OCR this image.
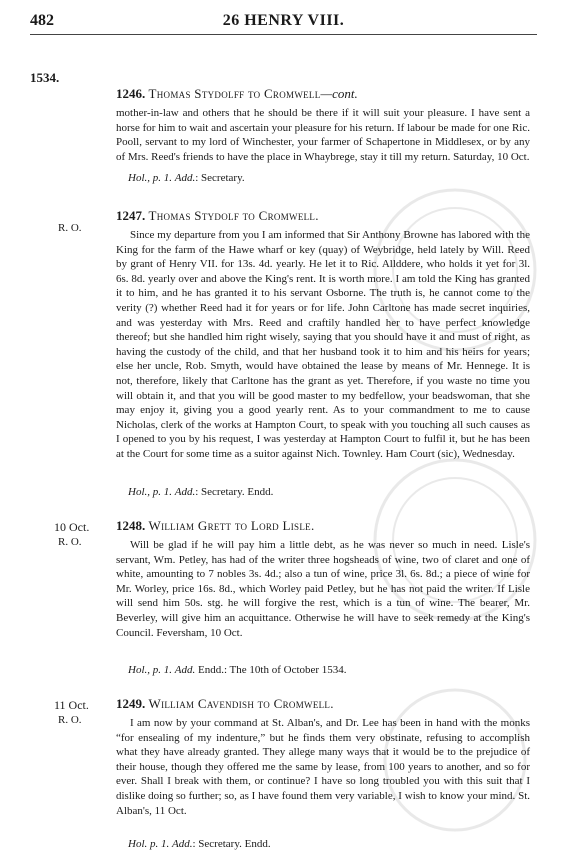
482	26 HENRY VIII.
1534.
1246. Thomas Stydolff to Cromwell—cont.

mother-in-law and others that he should be there if it will suit your pleasure. I have sent a horse for him to wait and ascertain your pleasure for his return. If labour be made for one Ric. Pooll, servant to my lord of Winchester, your farmer of Schapertone in Middlesex, or by any of Mrs. Reed's friends to have the place in Whaybrege, stay it till my return. Saturday, 10 Oct.

Hol., p. 1. Add.: Secretary.
R. O.
1247. Thomas Stydolf to Cromwell.

Since my departure from you I am informed that Sir Anthony Browne has labored with the King for the farm of the Hawe wharf or key (quay) of Weybridge, held lately by Will. Reed by grant of Henry VII. for 13s. 4d. yearly. He let it to Ric. Allddere, who holds it yet for 3l. 6s. 8d. yearly over and above the King's rent. It is worth more. I am told the King has granted it to him, and he has granted it to his servant Osborne. The truth is, he cannot come to the verity (?) whether Reed had it for years or for life. John Carltone has made secret inquiries, and was yesterday with Mrs. Reed and craftily handled her to have perfect knowledge thereof; but she handled him right wisely, saying that you should have it and must of right, as having the custody of the child, and that her husband took it to him and his heirs for years; else her uncle, Rob. Smyth, would have obtained the lease by means of Mr. Hennege. It is not, therefore, likely that Carltone has the grant as yet. Therefore, if you waste no time you will obtain it, and that you will be good master to my bedfellow, your beadswoman, that she may enjoy it, giving you a good yearly rent. As to your commandment to me to cause Nicholas, clerk of the works at Hampton Court, to speak with you touching all such causes as I opened to you by his request, I was yesterday at Hampton Court to fulfil it, but he has been at the Court for some time as a suitor against Nich. Townley. Ham Court (sic), Wednesday.

Hol., p. 1. Add.: Secretary. Endd.
10 Oct.
R. O.
1248. William Grett to Lord Lisle.

Will be glad if he will pay him a little debt, as he was never so much in need. Lisle's servant, Wm. Petley, has had of the writer three hogsheads of wine, two of claret and one of white, amounting to 7 nobles 3s. 4d.; also a tun of wine, price 3l. 6s. 8d.; a piece of wine for Mr. Worley, price 16s. 8d., which Worley paid Petley, but he has not paid the writer. If Lisle will send him 50s. stg. he will forgive the rest, which is a tun of wine. The bearer, Mr. Beverley, will give him an acquittance. Otherwise he will have to seek remedy at the King's Council. Feversham, 10 Oct.

Hol., p. 1. Add. Endd.: The 10th of October 1534.
11 Oct.
R. O.
1249. William Cavendish to Cromwell.

I am now by your command at St. Alban's, and Dr. Lee has been in hand with the monks “for ensealing of my indenture,” but he finds them very obstinate, refusing to accomplish what they have already granted. They allege many ways that it would be to the prejudice of their house, though they offered me the same by lease, from 100 years to another, and so for ever. Shall I break with them, or continue? I have so long troubled you with this suit that I dislike doing so further; so, as I have found them very variable, I wish to know your mind. St. Alban's, 11 Oct.

Hol. p. 1. Add.: Secretary. Endd.
